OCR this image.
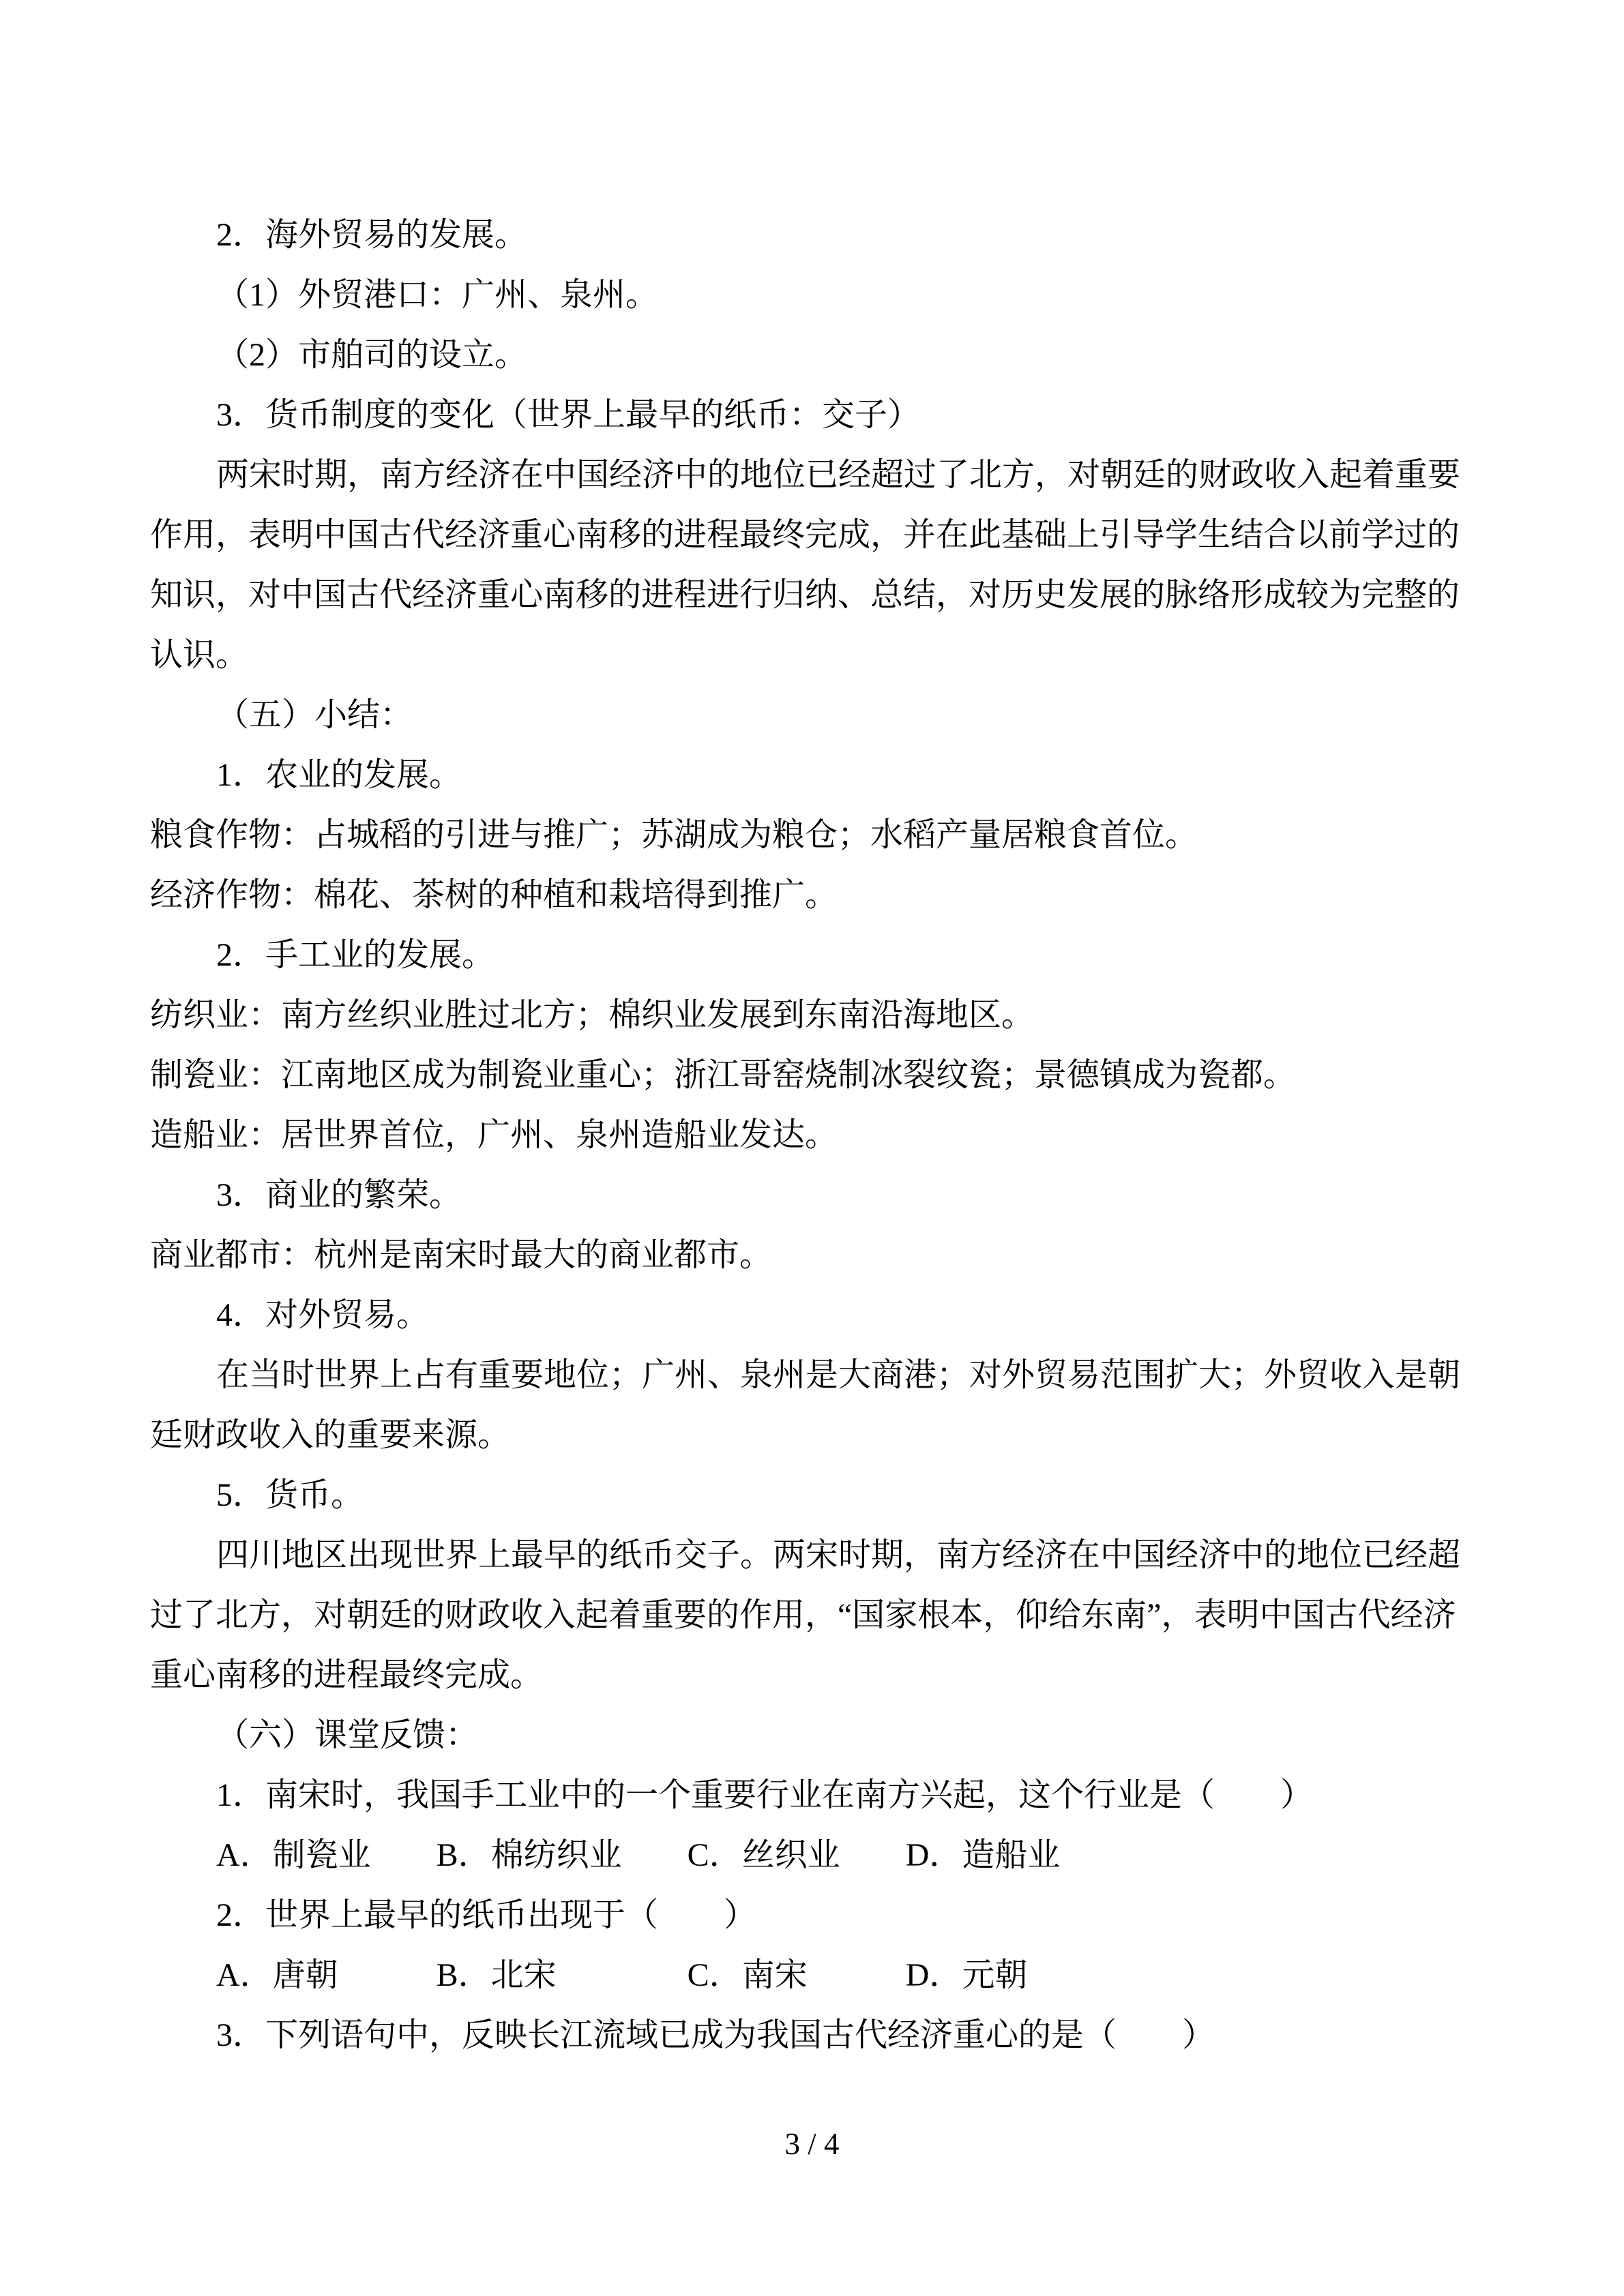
2．海外贸易的发展。
（1）外贸港口：广州、泉州。
（2）市舶司的设立。
3．货币制度的变化（世界上最早的纸币：交子）
两宋时期，南方经济在中国经济中的地位已经超过了北方，对朝廷的财政收入起着重要
作用，表明中国古代经济重心南移的进程最终完成，并在此基础上引导学生结合以前学过的
知识，对中国古代经济重心南移的进程进行归纳、总结，对历史发展的脉络形成较为完整的
认识。
（五）小结：
1．农业的发展。
粮食作物：占城稻的引进与推广；苏湖成为粮仓；水稻产量居粮食首位。
经济作物：棉花、茶树的种植和栽培得到推广。
2．手工业的发展。
纺织业：南方丝织业胜过北方；棉织业发展到东南沿海地区。
制瓷业：江南地区成为制瓷业重心；浙江哥窑烧制冰裂纹瓷；景德镇成为瓷都。
造船业：居世界首位，广州、泉州造船业发达。
3．商业的繁荣。
商业都市：杭州是南宋时最大的商业都市。
4．对外贸易。
在当时世界上占有重要地位；广州、泉州是大商港；对外贸易范围扩大；外贸收入是朝
廷财政收入的重要来源。
5．货币。
四川地区出现世界上最早的纸币交子。两宋时期，南方经济在中国经济中的地位已经超
过了北方，对朝廷的财政收入起着重要的作用，“国家根本，仰给东南”，表明中国古代经济
重心南移的进程最终完成。
（六）课堂反馈：
1．南宋时，我国手工业中的一个重要行业在南方兴起，这个行业是（　　）
A．制瓷业　　B．棉纺织业　　C．丝织业　　D．造船业
2．世界上最早的纸币出现于（　　）
A．唐朝　　　B．北宋　　　　C．南宋　　　D．元朝
3．下列语句中，反映长江流域已成为我国古代经济重心的是（　　）
3 / 4
